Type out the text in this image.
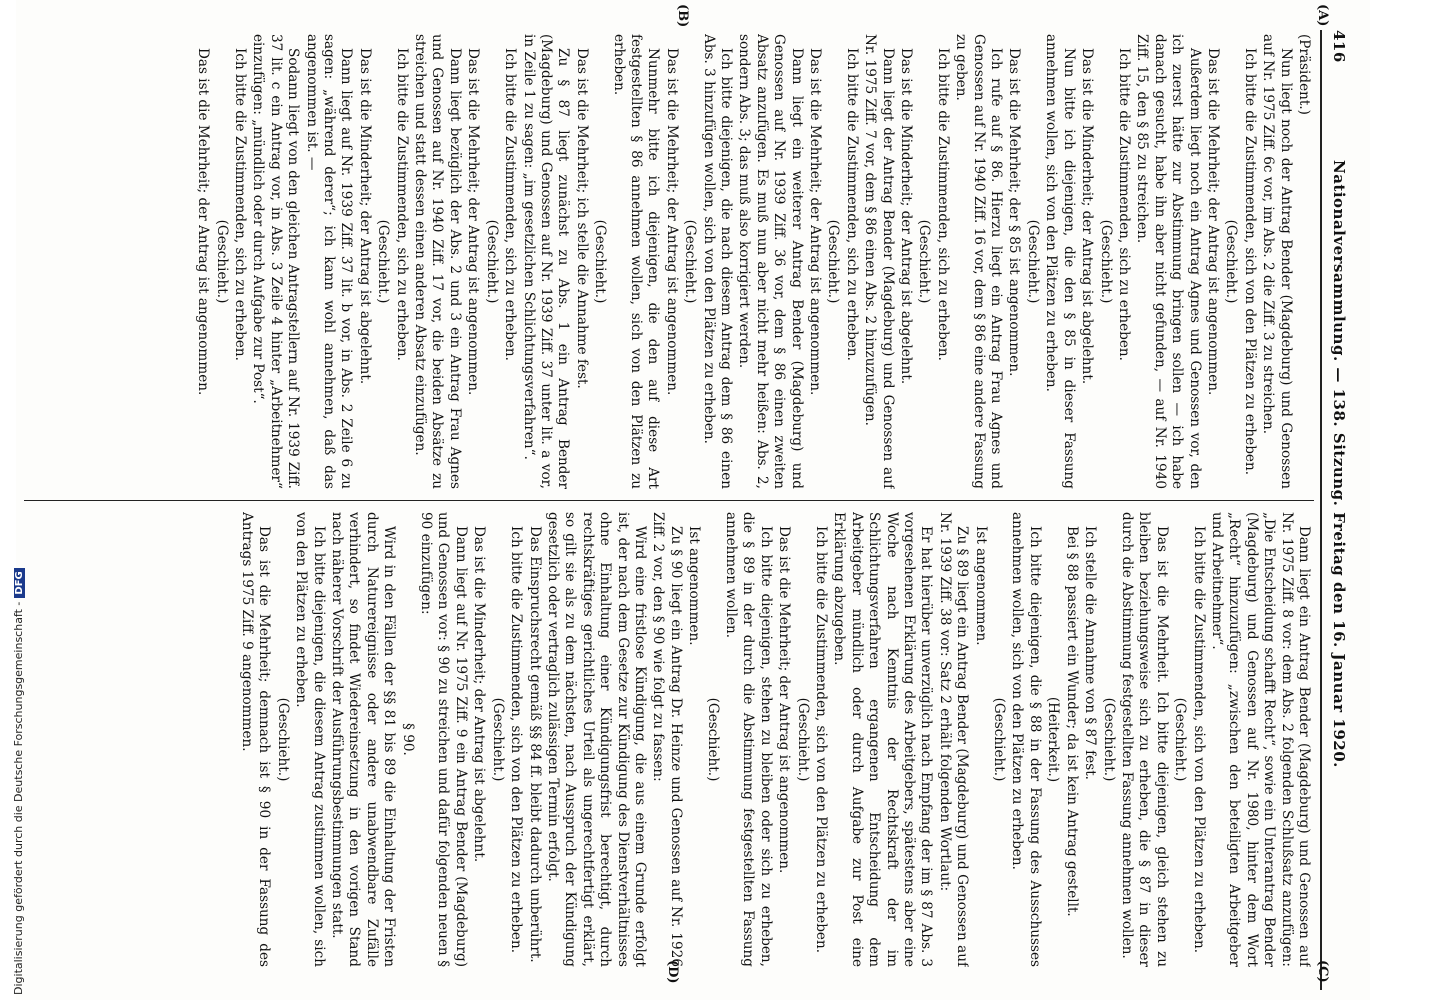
416
Nationalversammlung. — 138. Sitzung. Freitag den 16. Januar 1920.
(A)
(B)
(C)
(D)

(Präsident.)

Nun liegt noch der Antrag Bender (Magdeburg) und Genossen auf Nr. 1975 Ziff. 6c vor, im Abs. 2 die Ziff. 3 zu streichen.

Ich bitte die Zustimmenden, sich von den Plätzen zu erheben.

(Geschieht.)

Das ist die Mehrheit; der Antrag ist angenommen.

Außerdem liegt noch ein Antrag Agnes und Genossen vor, den ich zuerst hätte zur Abstimmung bringen sollen — ich habe danach gesucht, habe ihn aber nicht gefunden, — auf Nr. 1940 Ziff. 15, den § 85 zu streichen.

Ich bitte die Zustimmenden, sich zu erheben.

(Geschieht.)

Das ist die Minderheit; der Antrag ist abgelehnt.

Nun bitte ich diejenigen, die den § 85 in dieser Fassung annehmen wollen, sich von den Plätzen zu erheben.

(Geschieht.)

Das ist die Mehrheit; der § 85 ist angenommen.

Ich rufe auf § 86. Hierzu liegt ein Antrag Frau Agnes und Genossen auf Nr. 1940 Ziff. 16 vor, dem § 86 eine andere Fassung zu geben.

Ich bitte die Zustimmenden, sich zu erheben.

(Geschieht.)

Das ist die Minderheit; der Antrag ist abgelehnt.

Dann liegt der Antrag Bender (Magdeburg) und Genossen auf Nr. 1975 Ziff. 7 vor, dem § 86 einen Abs. 2 hinzuzufügen.

Ich bitte die Zustimmenden, sich zu erheben.

(Geschieht.)

Das ist die Mehrheit; der Antrag ist angenommen.

Dann liegt ein weiterer Antrag Bender (Magdeburg) und Genossen auf Nr. 1939 Ziff. 36 vor, dem § 86 einen zweiten Absatz anzufügen. Es muß nun aber nicht mehr heißen: Abs. 2, sondern Abs. 3; das muß also korrigiert werden.

Ich bitte diejenigen, die nach diesem Antrag dem § 86 einen Abs. 3 hinzufügen wollen, sich von den Plätzen zu erheben.

(Geschieht.)

Das ist die Mehrheit; der Antrag ist angenommen.

Nunmehr bitte ich diejenigen, die den auf diese Art festgestellten § 86 annehmen wollen, sich von den Plätzen zu erheben.

(Geschieht.)

Das ist die Mehrheit; ich stelle die Annahme fest.

Zu § 87 liegt zunächst zu Abs. 1 ein Antrag Bender (Magdeburg) und Genossen auf Nr. 1939 Ziff. 37 unter lit. a vor, in Zeile 1 zu sagen: „im gesetzlichen Schlichtungsverfahren“.

Ich bitte die Zustimmenden, sich zu erheben.

(Geschieht.)

Das ist die Mehrheit; der Antrag ist angenommen.

Dann liegt bezüglich der Abs. 2 und 3 ein Antrag Frau Agnes und Genossen auf Nr. 1940 Ziff. 17 vor, die beiden Absätze zu streichen und statt dessen einen anderen Absatz einzufügen.

Ich bitte die Zustimmenden, sich zu erheben.

(Geschieht.)

Das ist die Minderheit; der Antrag ist abgelehnt.

Dann liegt auf Nr. 1939 Ziff. 37 lit. b vor, in Abs. 2 Zeile 6 zu sagen: „während derer“; ich kann wohl annehmen, daß das angenommen ist. —

Sodann liegt von den gleichen Antragstellern auf Nr. 1939 Ziff. 37 lit. c ein Antrag vor, in Abs. 3 Zeile 4 hinter „Arbeitnehmer“ einzufügen: „mündlich oder durch Aufgabe zur Post“.

Ich bitte die Zustimmenden, sich zu erheben.

(Geschieht.)

Das ist die Mehrheit; der Antrag ist angenommen.

Dann liegt ein Antrag Bender (Magdeburg) und Genossen auf Nr. 1975 Ziff. 8 vor: dem Abs. 2 folgenden Schlußsatz anzufügen: „Die Entscheidung schafft Recht“, sowie ein Unterantrag Bender (Magdeburg) und Genossen auf Nr. 1980, hinter dem Wort „Recht“ hinzuzufügen: „zwischen den beteiligten Arbeitgeber und Arbeitnehmer“.

Ich bitte die Zustimmenden, sich von den Plätzen zu erheben.

(Geschieht.)

Das ist die Mehrheit. Ich bitte diejenigen, gleich stehen zu bleiben beziehungsweise sich zu erheben, die § 87 in dieser durch die Abstimmung festgestellten Fassung annehmen wollen.

(Geschieht.)

Ich stelle die Annahme von § 87 fest.

Bei § 88 passiert ein Wunder; da ist kein Antrag gestellt.

(Heiterkeit.)

Ich bitte diejenigen, die § 88 in der Fassung des Ausschusses annehmen wollen, sich von den Plätzen zu erheben.

(Geschieht.)

Ist angenommen.

Zu § 89 liegt ein Antrag Bender (Magdeburg) und Genossen auf Nr. 1939 Ziff. 38 vor: Satz 2 erhält folgenden Wortlaut:

Er hat hierüber unverzüglich nach Empfang der im § 87 Abs. 3 vorgesehenen Erklärung des Arbeitgebers, spätestens aber eine Woche nach Kenntnis der Rechtskraft der im Schlichtungsverfahren ergangenen Entscheidung dem Arbeitgeber mündlich oder durch Aufgabe zur Post eine Erklärung abzugeben.

Ich bitte die Zustimmenden, sich von den Plätzen zu erheben.

(Geschieht.)

Das ist die Mehrheit; der Antrag ist angenommen.

Ich bitte diejenigen, stehen zu bleiben oder sich zu erheben, die § 89 in der durch die Abstimmung festgestellten Fassung annehmen wollen.

(Geschieht.)

Ist angenommen.

Zu § 90 liegt ein Antrag Dr. Heinze und Genossen auf Nr. 1926 Ziff. 2 vor, den § 90 wie folgt zu fassen:

Wird eine fristlose Kündigung, die aus einem Grunde erfolgt ist, der nach dem Gesetze zur Kündigung des Dienstverhältnisses ohne Einhaltung einer Kündigungsfrist berechtigt, durch rechtskräftiges gerichtliches Urteil als ungerechtfertigt erklärt, so gilt sie als zu dem nächsten, nach Ausspruch der Kündigung gesetzlich oder vertraglich zulässigen Termin erfolgt.

Das Einspruchsrecht gemäß §§ 84 ff. bleibt dadurch unberührt.

Ich bitte die Zustimmenden, sich von den Plätzen zu erheben.

(Geschieht.)

Das ist die Minderheit; der Antrag ist abgelehnt.

Dann liegt auf Nr. 1975 Ziff. 9 ein Antrag Bender (Magdeburg) und Genossen vor: § 90 zu streichen und dafür folgenden neuen § 90 einzufügen:

§ 90.

Wird in den Fällen der §§ 81 bis 89 die Einhaltung der Fristen durch Naturereignisse oder andere unabwendbare Zufälle verhindert, so findet Wiedereinsetzung in den vorigen Stand nach näherer Vorschrift der Ausführungsbestimmungen statt.

Ich bitte diejenigen, die diesem Antrag zustimmen wollen, sich von den Plätzen zu erheben.

(Geschieht.)

Das ist die Mehrheit; demnach ist § 90 in der Fassung des Antrags 1975 Ziff. 9 angenommen.

Digitalisierung gefördert durch die Deutsche Forschungsgemeinschaft -DFG
